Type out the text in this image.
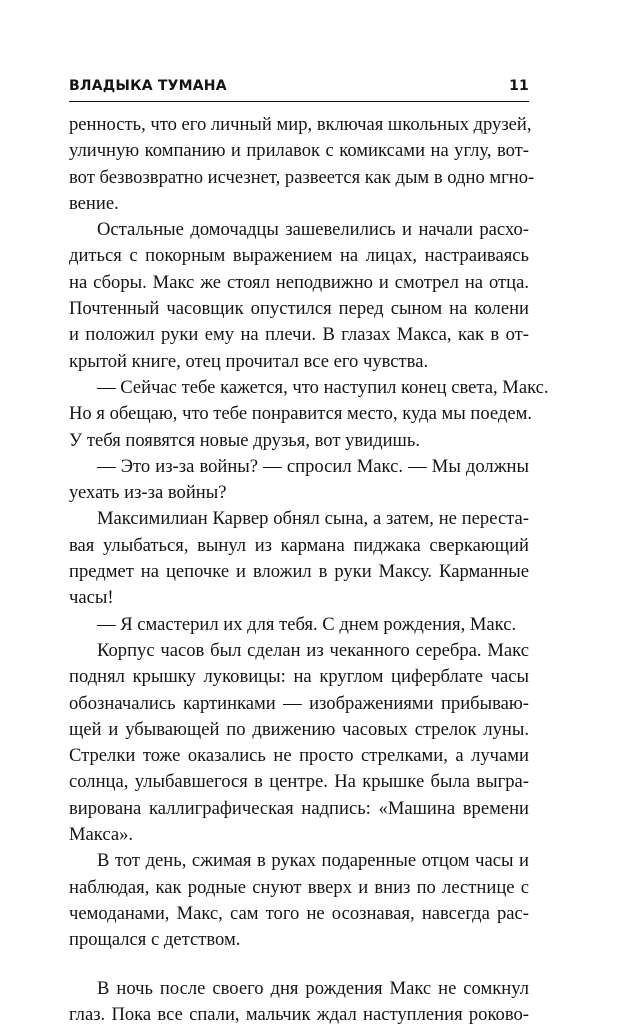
ВЛАДЫКА ТУМАНА	11
ренность, что его личный мир, включая школьных друзей,
уличную компанию и прилавок с комиксами на углу, вот-
вот безвозвратно исчезнет, развеется как дым в одно мгно-
вение.
Остальные домочадцы зашевелились и начали расхо-
диться с покорным выражением на лицах, настраиваясь
на сборы. Макс же стоял неподвижно и смотрел на отца.
Почтенный часовщик опустился перед сыном на колени
и положил руки ему на плечи. В глазах Макса, как в от-
крытой книге, отец прочитал все его чувства.
— Сейчас тебе кажется, что наступил конец света, Макс.
Но я обещаю, что тебе понравится место, куда мы поедем.
У тебя появятся новые друзья, вот увидишь.
— Это из-за войны? — спросил Макс. — Мы должны
уехать из-за войны?
Максимилиан Карвер обнял сына, а затем, не переста-
вая улыбаться, вынул из кармана пиджака сверкающий
предмет на цепочке и вложил в руки Максу. Карманные
часы!
— Я смастерил их для тебя. С днем рождения, Макс.
Корпус часов был сделан из чеканного серебра. Макс
поднял крышку луковицы: на круглом циферблате часы
обозначались картинками — изображениями прибываю-
щей и убывающей по движению часовых стрелок луны.
Стрелки тоже оказались не просто стрелками, а лучами
солнца, улыбавшегося в центре. На крышке была выгра-
вирована каллиграфическая надпись: «Машина времени
Макса».
В тот день, сжимая в руках подаренные отцом часы и
наблюдая, как родные снуют вверх и вниз по лестнице с
чемоданами, Макс, сам того не осознавая, навсегда рас-
прощался с детством.
В ночь после своего дня рождения Макс не сомкнул
глаз. Пока все спали, мальчик ждал наступления роково-
